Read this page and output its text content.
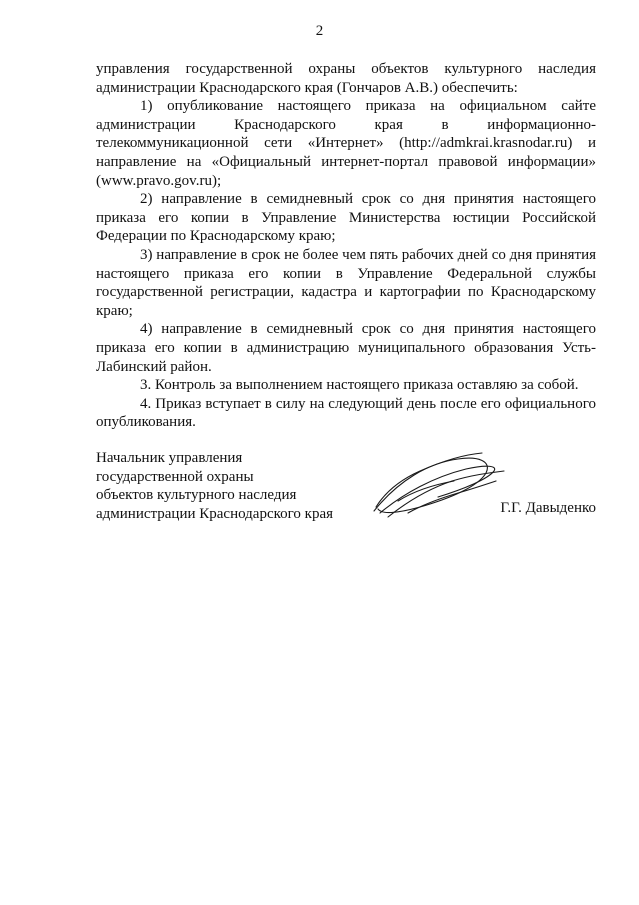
2

управления государственной охраны объектов культурного наследия администрации Краснодарского края (Гончаров А.В.) обеспечить:

1) опубликование настоящего приказа на официальном сайте администрации Краснодарского края в информационно-телекоммуникационной сети «Интернет» (http://admkrai.krasnodar.ru) и направление на «Официальный интернет-портал правовой информации» (www.pravo.gov.ru);

2) направление в семидневный срок со дня принятия настоящего приказа его копии в Управление Министерства юстиции Российской Федерации по Краснодарскому краю;

3) направление в срок не более чем пять рабочих дней со дня принятия настоящего приказа его копии в Управление Федеральной службы государственной регистрации, кадастра и картографии по Краснодарскому краю;

4) направление в семидневный срок со дня принятия настоящего приказа его копии в администрацию муниципального образования Усть-Лабинский район.

3. Контроль за выполнением настоящего приказа оставляю за собой.

4. Приказ вступает в силу на следующий день после его официального опубликования.

Начальник управления
государственной охраны
объектов культурного наследия
администрации Краснодарского края	Г.Г. Давыденко
